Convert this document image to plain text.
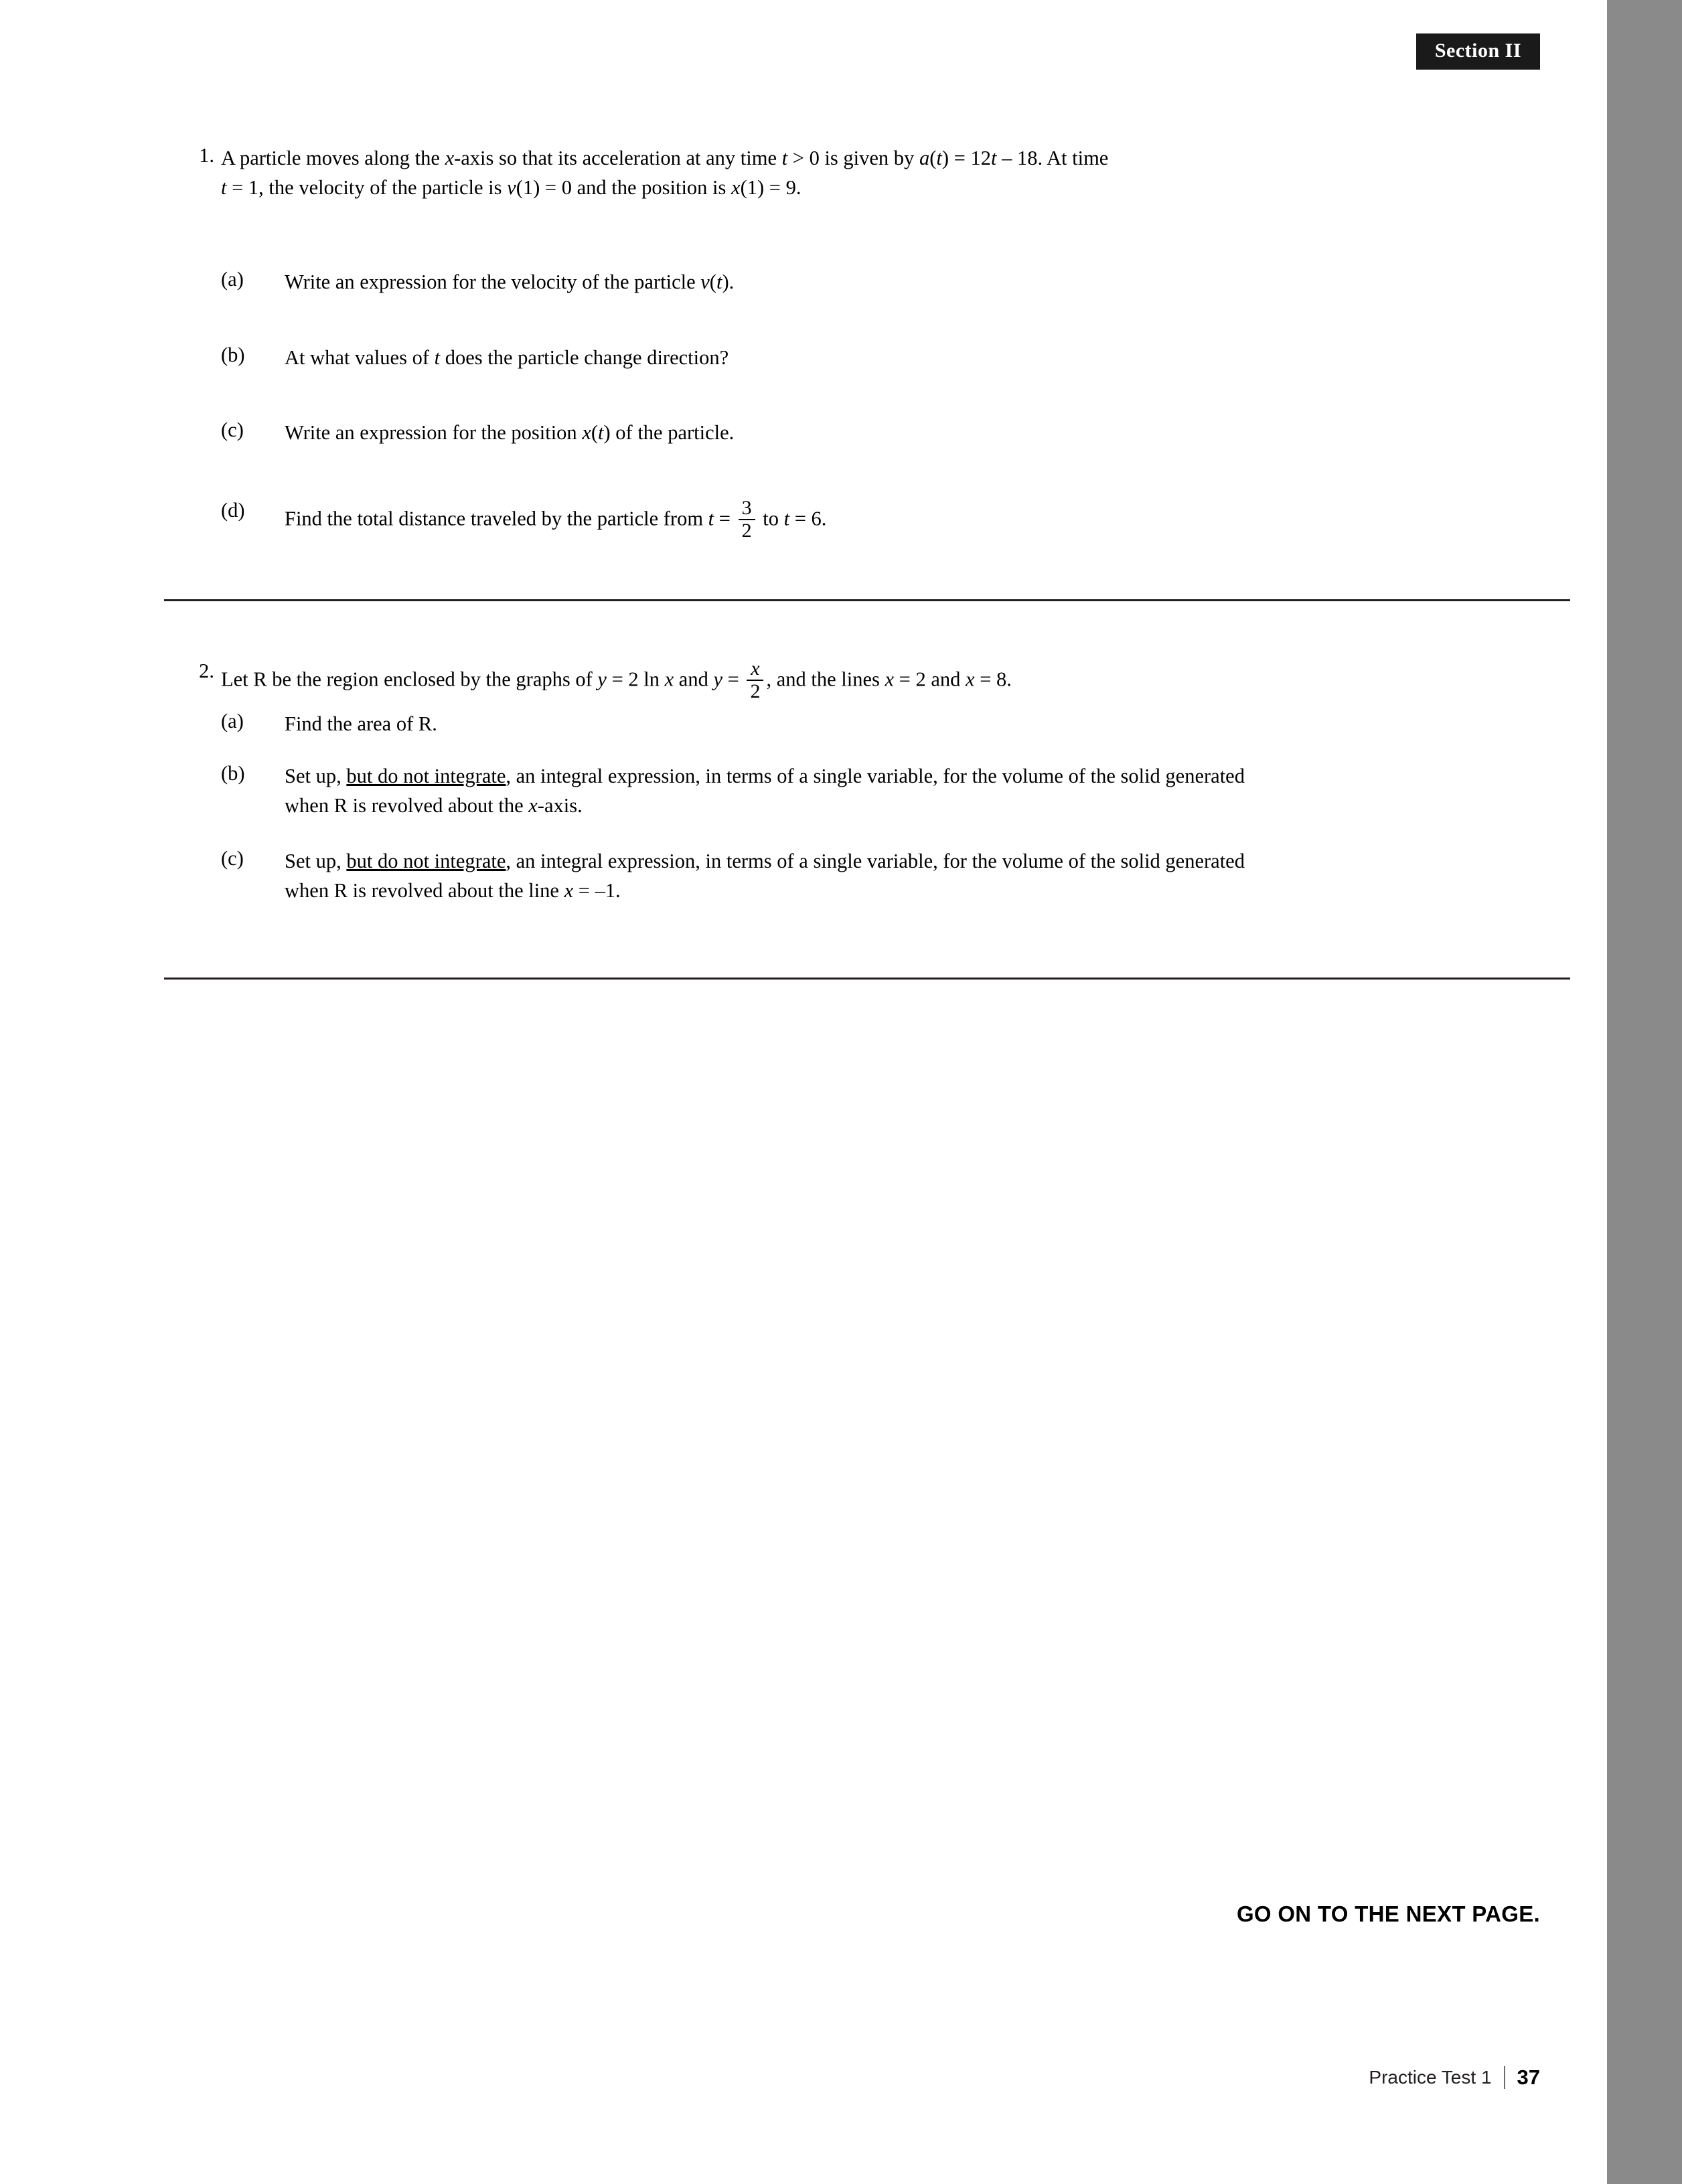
Section II
1. A particle moves along the x-axis so that its acceleration at any time t > 0 is given by a(t) = 12t – 18. At time
t = 1, the velocity of the particle is v(1) = 0 and the position is x(1) = 9.
(a)	Write an expression for the velocity of the particle v(t).
(b)	At what values of t does the particle change direction?
(c)	Write an expression for the position x(t) of the particle.
(d)	Find the total distance traveled by the particle from $t = \frac{3}{2}$ to t = 6.
2. Let R be the region enclosed by the graphs of y = 2 ln x and $y = \frac{x}{2}$ , and the lines x = 2 and x = 8.
(a)	Find the area of R.
(b)	Set up, but do not integrate, an integral expression, in terms of a single variable, for the volume of the solid generated
when R is revolved about the x-axis.
(c)	Set up, but do not integrate, an integral expression, in terms of a single variable, for the volume of the solid generated
when R is revolved about the line x = –1.
GO ON TO THE NEXT PAGE.
Practice Test 1 37
